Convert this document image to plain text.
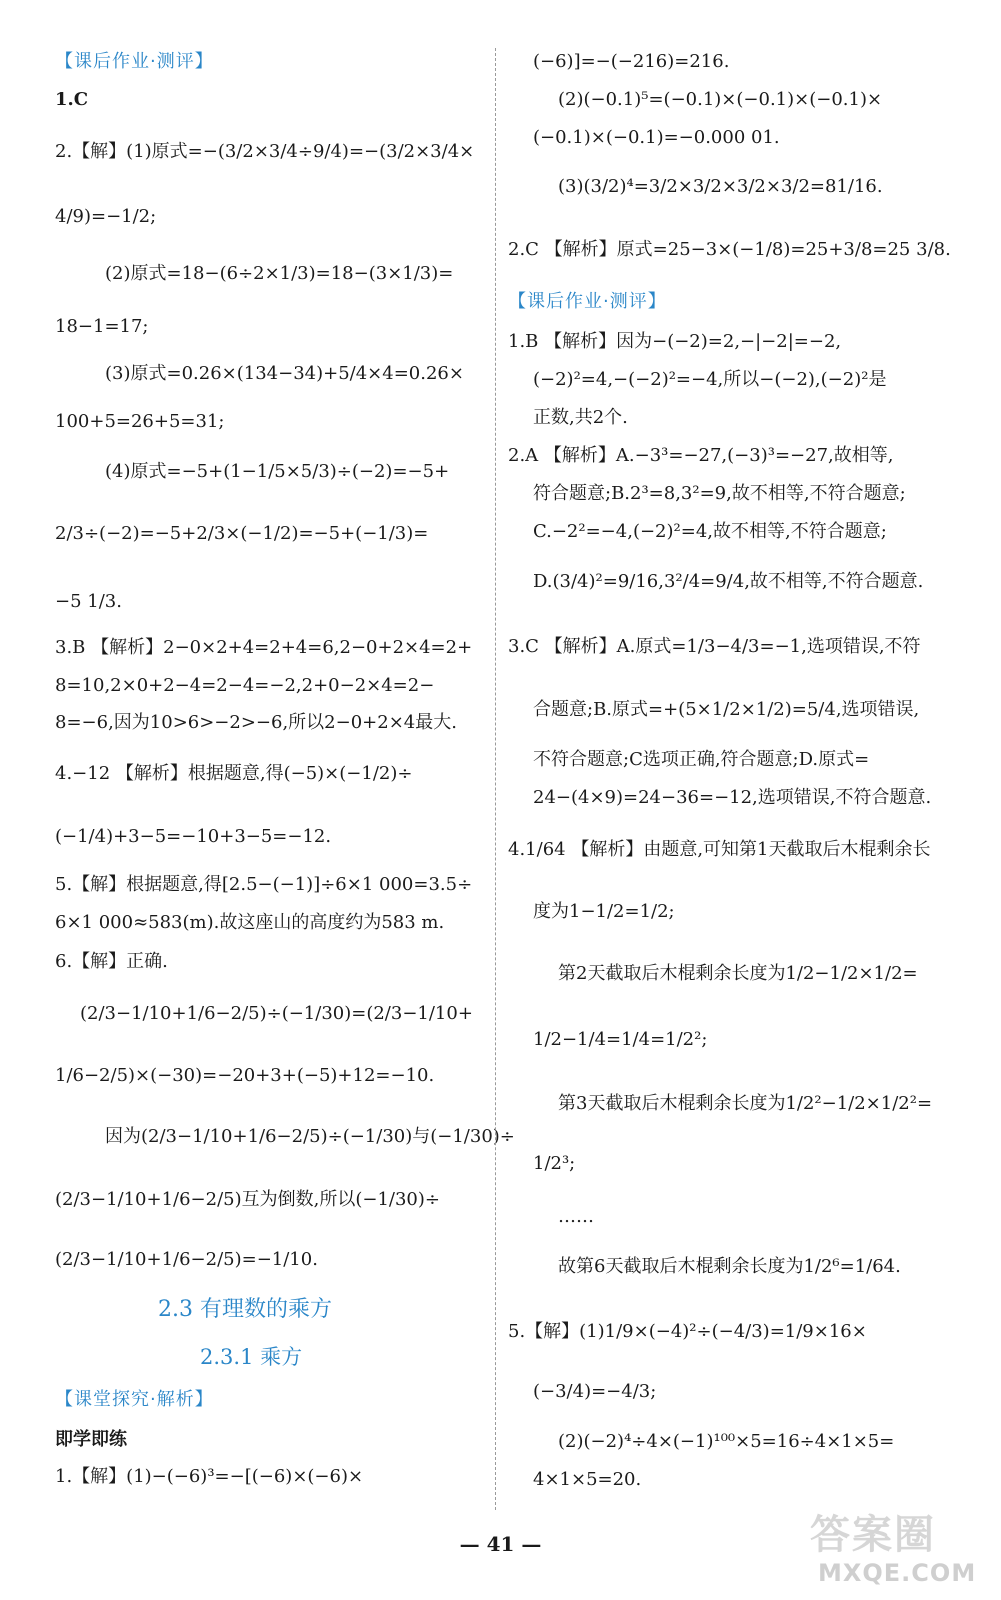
【课后作业·测评】
1.C
2.【解】(1)原式=−(3/2×3/4÷9/4)=−(3/2×3/4×
4/9)=−1/2;
(2)原式=18−(6÷2×1/3)=18−(3×1/3)=
18−1=17;
(3)原式=0.26×(134−34)+5/4×4=0.26×
100+5=26+5=31;
(4)原式=−5+(1−1/5×5/3)÷(−2)=−5+
2/3÷(−2)=−5+2/3×(−1/2)=−5+(−1/3)=
−5 1/3.
3.B 【解析】2−0×2+4=2+4=6,2−0+2×4=2+
8=10,2×0+2−4=2−4=−2,2+0−2×4=2−
8=−6,因为10>6>−2>−6,所以2−0+2×4最大.
4.−12 【解析】根据题意,得(−5)×(−1/2)÷
(−1/4)+3−5=−10+3−5=−12.
5.【解】根据题意,得[2.5−(−1)]÷6×1 000=3.5÷
6×1 000≈583(m).故这座山的高度约为583 m.
6.【解】正确.
(2/3−1/10+1/6−2/5)÷(−1/30)=(2/3−1/10+
1/6−2/5)×(−30)=−20+3+(−5)+12=−10.
因为(2/3−1/10+1/6−2/5)÷(−1/30)与(−1/30)÷
(2/3−1/10+1/6−2/5)互为倒数,所以(−1/30)÷
(2/3−1/10+1/6−2/5)=−1/10.
2.3 有理数的乘方
2.3.1 乘方
【课堂探究·解析】
即学即练
1.【解】(1)−(−6)³=−[(−6)×(−6)×
(−6)]=−(−216)=216.
(2)(−0.1)⁵=(−0.1)×(−0.1)×(−0.1)×
(−0.1)×(−0.1)=−0.000 01.
(3)(3/2)⁴=3/2×3/2×3/2×3/2=81/16.
2.C 【解析】原式=25−3×(−1/8)=25+3/8=25 3/8.
【课后作业·测评】
1.B 【解析】因为−(−2)=2,−|−2|=−2,
(−2)²=4,−(−2)²=−4,所以−(−2),(−2)²是
正数,共2个.
2.A 【解析】A.−3³=−27,(−3)³=−27,故相等,
符合题意;B.2³=8,3²=9,故不相等,不符合题意;
C.−2²=−4,(−2)²=4,故不相等,不符合题意;
D.(3/4)²=9/16,3²/4=9/4,故不相等,不符合题意.
3.C 【解析】A.原式=1/3−4/3=−1,选项错误,不符
合题意;B.原式=+(5×1/2×1/2)=5/4,选项错误,
不符合题意;C选项正确,符合题意;D.原式=
24−(4×9)=24−36=−12,选项错误,不符合题意.
4.1/64 【解析】由题意,可知第1天截取后木棍剩余长
度为1−1/2=1/2;
第2天截取后木棍剩余长度为1/2−1/2×1/2=
1/2−1/4=1/4=1/2²;
第3天截取后木棍剩余长度为1/2²−1/2×1/2²=
1/2³;
……
故第6天截取后木棍剩余长度为1/2⁶=1/64.
5.【解】(1)1/9×(−4)²÷(−4/3)=1/9×16×
(−3/4)=−4/3;
(2)(−2)⁴÷4×(−1)¹⁰⁰×5=16÷4×1×5=
4×1×5=20.
— 41 —	答案圈
MXQE.COM
